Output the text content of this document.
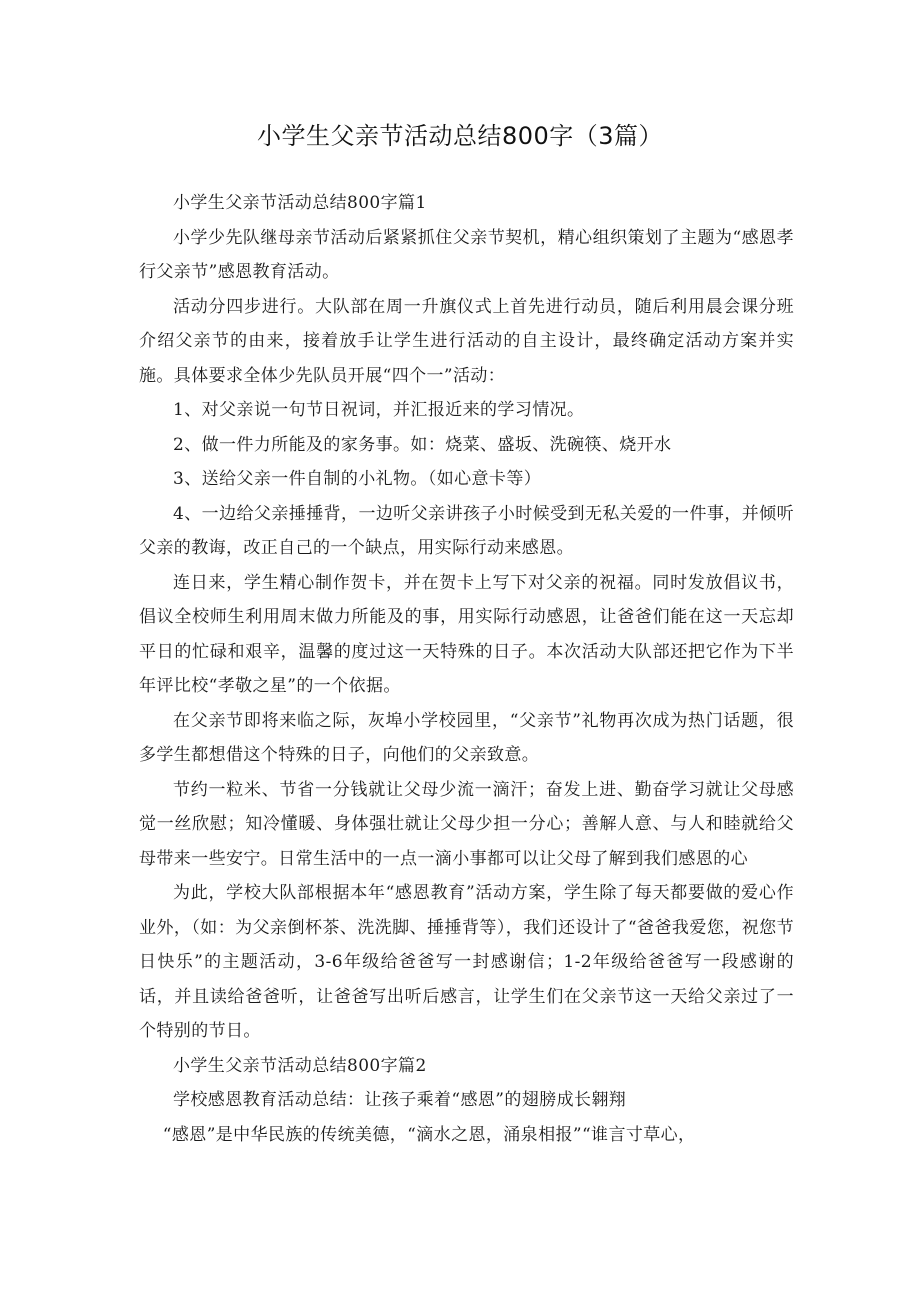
小学生父亲节活动总结800字（3篇）

小学生父亲节活动总结800字篇1

小学少先队继母亲节活动后紧紧抓住父亲节契机，精心组织策划了主题为“感恩孝行父亲节”感恩教育活动。

活动分四步进行。大队部在周一升旗仪式上首先进行动员，随后利用晨会课分班介绍父亲节的由来，接着放手让学生进行活动的自主设计，最终确定活动方案并实施。具体要求全体少先队员开展“四个一”活动：

1、对父亲说一句节日祝词，并汇报近来的学习情况。

2、做一件力所能及的家务事。如：烧菜、盛坂、洗碗筷、烧开水

3、送给父亲一件自制的小礼物。（如心意卡等）

4、一边给父亲捶捶背，一边听父亲讲孩子小时候受到无私关爱的一件事，并倾听父亲的教诲，改正自己的一个缺点，用实际行动来感恩。

连日来，学生精心制作贺卡，并在贺卡上写下对父亲的祝福。同时发放倡议书，倡议全校师生利用周末做力所能及的事，用实际行动感恩，让爸爸们能在这一天忘却平日的忙碌和艰辛，温馨的度过这一天特殊的日子。本次活动大队部还把它作为下半年评比校“孝敬之星”的一个依据。

在父亲节即将来临之际，灰埠小学校园里，“父亲节”礼物再次成为热门话题，很多学生都想借这个特殊的日子，向他们的父亲致意。

节约一粒米、节省一分钱就让父母少流一滴汗；奋发上进、勤奋学习就让父母感觉一丝欣慰；知冷懂暖、身体强壮就让父母少担一分心；善解人意、与人和睦就给父母带来一些安宁。日常生活中的一点一滴小事都可以让父母了解到我们感恩的心

为此，学校大队部根据本年“感恩教育”活动方案，学生除了每天都要做的爱心作业外，（如：为父亲倒杯茶、洗洗脚、捶捶背等），我们还设计了“爸爸我爱您，祝您节日快乐”的主题活动，3-6年级给爸爸写一封感谢信；1-2年级给爸爸写一段感谢的话，并且读给爸爸听，让爸爸写出听后感言，让学生们在父亲节这一天给父亲过了一个特别的节日。

小学生父亲节活动总结800字篇2

学校感恩教育活动总结：让孩子乘着“感恩”的翅膀成长翱翔

“感恩”是中华民族的传统美德，“滴水之恩，涌泉相报”“谁言寸草心，
